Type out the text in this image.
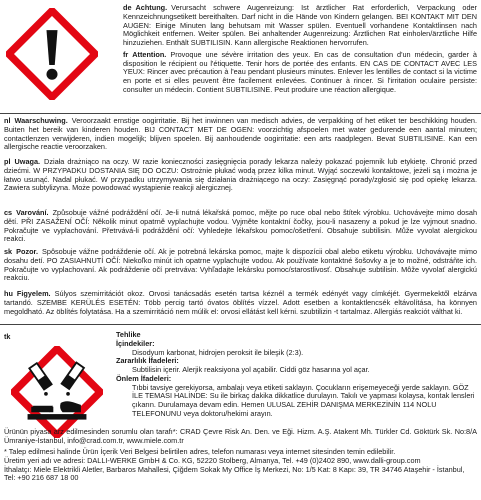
de Achtung. Verursacht schwere Augenreizung: Ist ärztlicher Rat erforderlich, Verpackung oder Kennzeichnungsetikett bereithalten. Darf nicht in die Hände von Kindern gelangen. BEI KONTAKT MIT DEN AUGEN: Einige Minuten lang behutsam mit Wasser spülen. Eventuell vorhandene Kontaktlinsen nach Möglichkeit entfernen. Weiter spülen. Bei anhaltender Augenreizung: Ärztlichen Rat einholen/ärztliche Hilfe hinzuziehen. Enthält SUBTILISIN. Kann allergische Reaktionen hervorrufen.

fr Attention. Provoque une sévère irritation des yeux. En cas de consultation d'un médecin, garder à disposition le récipient ou l'étiquette. Tenir hors de portée des enfants. EN CAS DE CONTACT AVEC LES YEUX: Rincer avec précaution à l'eau pendant plusieurs minutes. Enlever les lentilles de contact si la victime en porte et si elles peuvent être facilement enlevées. Continuer à rincer. Si l'irritation oculaire persiste: consulter un médecin. Contient SUBTILISINE. Peut produire une réaction allergique.

nl Waarschuwing. Veroorzaakt ernstige oogirritatie. Bij het inwinnen van medisch advies, de verpakking of het etiket ter beschikking houden. Buiten het bereik van kinderen houden. BIJ CONTACT MET DE OGEN: voorzichtig afspoelen met water gedurende een aantal minuten; contactlenzen verwijderen, indien mogelijk; blijven spoelen. Bij aanhoudende oogirritatie: een arts raadplegen. Bevat SUBTILISINE. Kan een allergische reactie veroorzaken.
pl Uwaga. Działa drażniąco na oczy. W razie konieczności zasięgnięcia porady lekarza należy pokazać pojemnik lub etykietę. Chronić przed dziećmi. W PRZYPADKU DOSTANIA SIĘ DO OCZU: Ostrożnie płukać wodą przez kilka minut. Wyjąć soczewki kontaktowe, jeżeli są i można je łatwo usunąć. Nadal płukać. W przypadku utrzymywania się działania drażniącego na oczy: Zasięgnąć porady/zgłosić się pod opiekę lekarza. Zawiera subtylizyna. Może powodować wystąpienie reakcji alergicznej.
cs Varování. Způsobuje vážné podráždění očí. Je-li nutná lékařská pomoc, mějte po ruce obal nebo štítek výrobku. Uchovávejte mimo dosah dětí. PŘI ZASAŽENÍ OČÍ: Několik minut opatrně vyplachujte vodou. Vyjměte kontaktní čočky, jsou-li nasazeny a pokud je lze vyjmout snadno. Pokračujte ve vyplachování. Přetrvává-li podráždění očí: Vyhledejte lékařskou pomoc/ošetření. Obsahuje subtilisin. Může vyvolat alergickou reakci.
sk Pozor. Spôsobuje vážne podráždenie očí. Ak je potrebná lekárska pomoc, majte k dispozícii obal alebo etiketu výrobku. Uchovávajte mimo dosahu detí. PO ZASIAHNUTÍ OČÍ: Niekoľko minút ich opatrne vyplachujte vodou. Ak používate kontaktné šošovky a je to možné, odstráňte ich. Pokračujte vo vyplachovaní. Ak podráždenie očí pretrváva: Vyhľadajte lekársku pomoc/starostlivosť. Obsahuje subtilisin. Môže vyvolať alergickú reakciu.
hu Figyelem. Súlyos szemirritációt okoz. Orvosi tanácsadás esetén tartsa kéznél a termék edényét vagy címkéjét. Gyermekektől elzárva tartandó. SZEMBE KERÜLÉS ESETÉN: Több percig tartó óvatos öblítés vízzel. Adott esetben a kontaktlencsék eltávolítása, ha könnyen megoldható. Az öblítés folytatása. Ha a szemirritáció nem múlik el: orvosi ellátást kell kérni. szubtilizin -t tartalmaz. Allergiás reakciót válthat ki.
tk	Tehlike

İçindekiler:

Disodyum karbonat, hidrojen peroksit ile bileşik (2:3).

Zararlılık İfadeleri:

Subtilisin içerir. Alerjik reaksiyona yol açabilir. Ciddi göz hasarına yol açar.

Önlem İfadeleri:

Tıbbi tavsiye gerekiyorsa, ambalajı veya etiketi saklayın. Çocukların erişemeyeceği yerde saklayın. GÖZ İLE TEMASI HALİNDE: Su ile birkaç dakika dikkatlice durulayın. Takılı ve yapması kolaysa, kontak lensleri çıkarın. Durulamaya devam edin. Hemen ULUSAL ZEHİR DANIŞMA MERKEZİNİN 114 NOLU TELEFONUNU veya doktoru/hekimi arayın.

Ürünün piyasa arz edilmesinden sorumlu olan tarafı*: CRAD Çevre Risk An. Den. ve Eği. Hizm. A.Ş. Atakent Mh. Türkler Cd. Göktürk Sk. No:8/A Ümraniye-İstanbul, info@crad.com.tr, www.miele.com.tr

* Talep edilmesi halinde Ürün İçerik Veri Belgesi belirtilen adres, telefon numarası veya internet sitesinden temin edilebilir.

Üretim yeri adı ve adresi: DALLI-WERKE GmbH & Co. KG, 52220 Stolberg, Almanya, Tel. +49 (0)2402 890, www.dalli-group.com

İthalatçı: Miele Elektrikli Aletler, Barbaros Mahallesi, Çiğdem Sokak My Office İş Merkezi, No: 1/5 Kat: 8 Kapı: 39, TR 34746 Ataşehir - İstanbul, Tel: +90 216 687 18 00
